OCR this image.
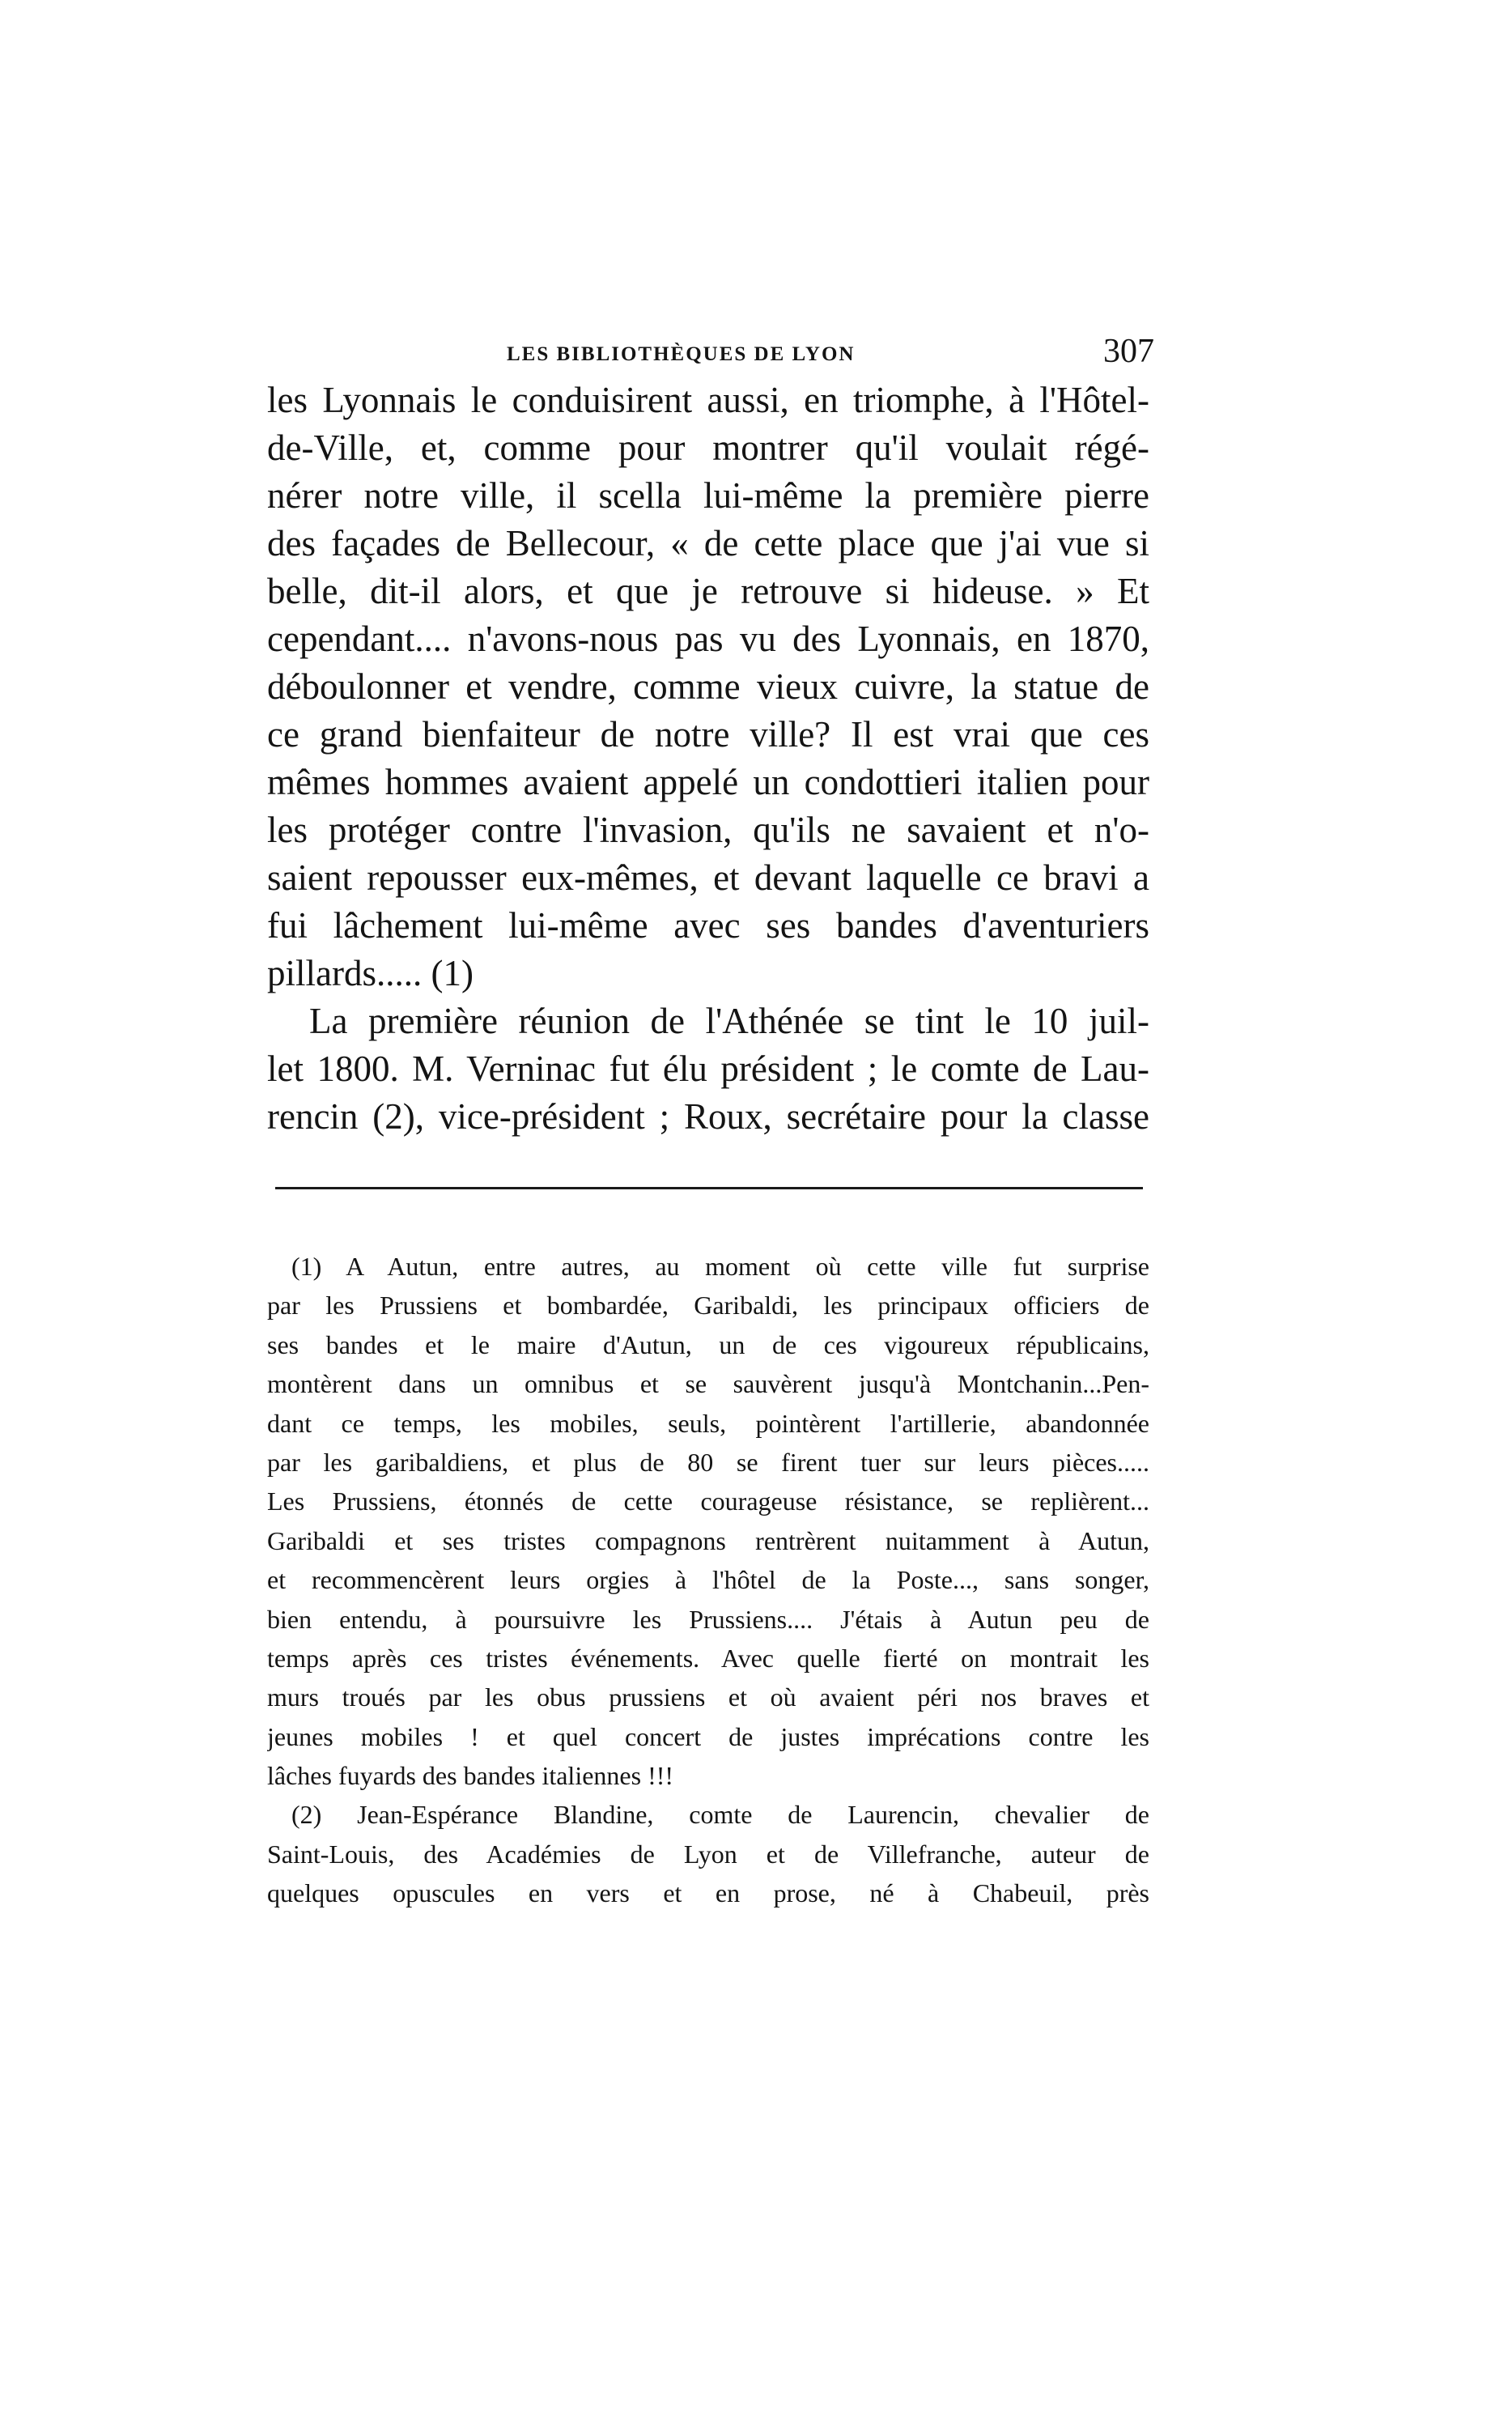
LES BIBLIOTHÈQUES DE LYON	307
les Lyonnais le conduisirent aussi, en triomphe, à l'Hôtel-
de-Ville, et, comme pour montrer qu'il voulait régé-
nérer notre ville, il scella lui-même la première pierre
des façades de Bellecour, « de cette place que j'ai vue si
belle, dit-il alors, et que je retrouve si hideuse. » Et
cependant.... n'avons-nous pas vu des Lyonnais, en 1870,
déboulonner et vendre, comme vieux cuivre, la statue de
ce grand bienfaiteur de notre ville? Il est vrai que ces
mêmes hommes avaient appelé un condottieri italien pour
les protéger contre l'invasion, qu'ils ne savaient et n'o-
saient repousser eux-mêmes, et devant laquelle ce bravi a
fui lâchement lui-même avec ses bandes d'aventuriers
pillards..... (1)
La première réunion de l'Athénée se tint le 10 juil-
let 1800. M. Verninac fut élu président ; le comte de Lau-
rencin (2), vice-président ; Roux, secrétaire pour la classe
(1) A Autun, entre autres, au moment où cette ville fut surprise
par les Prussiens et bombardée, Garibaldi, les principaux officiers de
ses bandes et le maire d'Autun, un de ces vigoureux républicains,
montèrent dans un omnibus et se sauvèrent jusqu'à Montchanin...Pen-
dant ce temps, les mobiles, seuls, pointèrent l'artillerie, abandonnée
par les garibaldiens, et plus de 80 se firent tuer sur leurs pièces.....
Les Prussiens, étonnés de cette courageuse résistance, se replièrent...
Garibaldi et ses tristes compagnons rentrèrent nuitamment à Autun,
et recommencèrent leurs orgies à l'hôtel de la Poste..., sans songer,
bien entendu, à poursuivre les Prussiens.... J'étais à Autun peu de
temps après ces tristes événements. Avec quelle fierté on montrait les
murs troués par les obus prussiens et où avaient péri nos braves et
jeunes mobiles ! et quel concert de justes imprécations contre les
lâches fuyards des bandes italiennes !!!
(2) Jean-Espérance Blandine, comte de Laurencin, chevalier de
Saint-Louis, des Académies de Lyon et de Villefranche, auteur de
quelques opuscules en vers et en prose, né à Chabeuil, près
